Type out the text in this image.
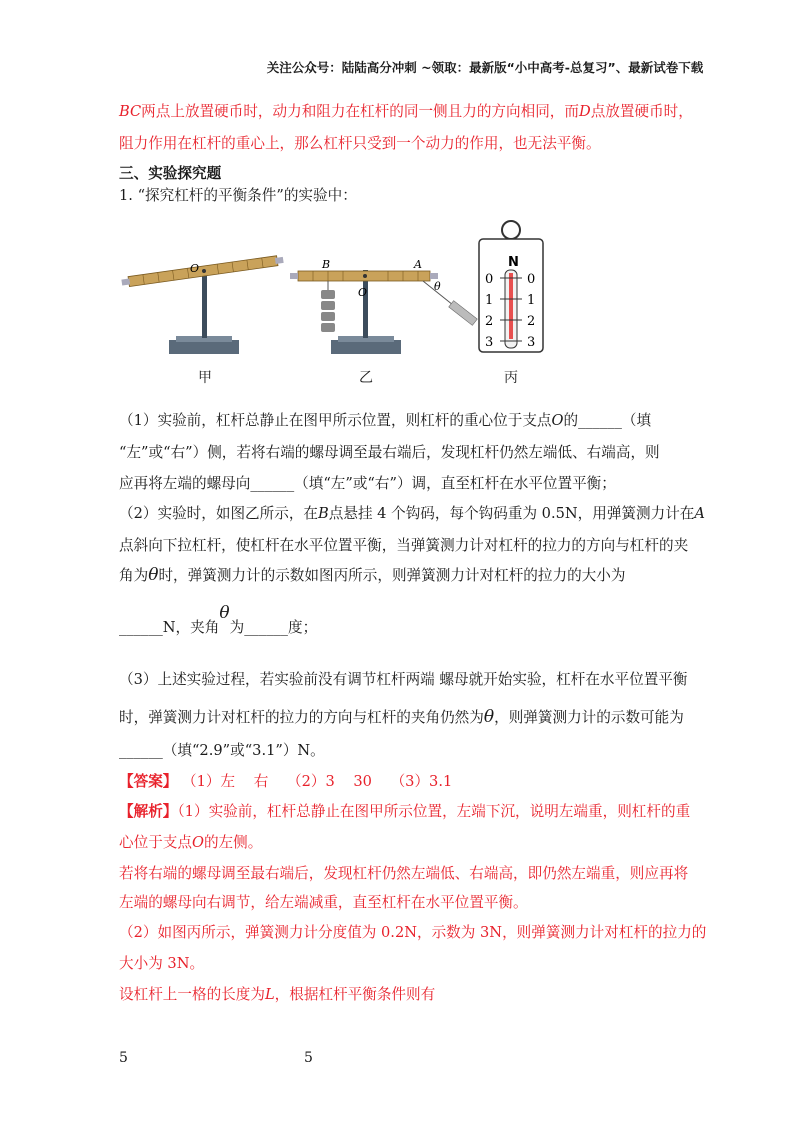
关注公众号：陆陆高分冲刺 ~领取：最新版“小中高考-总复习”、最新试卷下载
BC两点上放置硬币时，动力和阻力在杠杆的同一侧且力的方向相同，而D点放置硬币时，
阻力作用在杠杆的重心上，那么杠杆只受到一个动力的作用，也无法平衡。
三、实验探究题
1. “探究杠杆的平衡条件”的实验中：
O	B
O
A
θ
N
0
1
2
3
0
1
2
3
甲	乙	丙
（1）实验前，杠杆总静止在图甲所示位置，则杠杆的重心位于支点O的______（填
“左”或“右”）侧，若将右端的螺母调至最右端后，发现杠杆仍然左端低、右端高，则
应再将左端的螺母向______（填“左”或“右”）调，直至杠杆在水平位置平衡；
（2）实验时，如图乙所示，在B点悬挂 4 个钩码，每个钩码重为 0.5N，用弹簧测力计在A
点斜向下拉杠杆，使杠杆在水平位置平衡，当弹簧测力计对杠杆的拉力的方向与杠杆的夹
角为θ时，弹簧测力计的示数如图丙所示，则弹簧测力计对杠杆的拉力的大小为
______N，夹角θ为______度；
（3）上述实验过程，若实验前没有调节杠杆两端 螺母就开始实验，杠杆在水平位置平衡
时，弹簧测力计对杠杆的拉力的方向与杠杆的夹角仍然为θ，则弹簧测力计的示数可能为
______（填“2.9”或“3.1”）N。
【答案】 （1）左 右 （2）3 30 （3）3.1
【解析】（1）实验前，杠杆总静止在图甲所示位置，左端下沉，说明左端重，则杠杆的重
心位于支点O的左侧。
若将右端的螺母调至最右端后，发现杠杆仍然左端低、右端高，即仍然左端重，则应再将
左端的螺母向右调节，给左端减重，直至杠杆在水平位置平衡。
（2）如图丙所示，弹簧测力计分度值为 0.2N，示数为 3N，则弹簧测力计对杠杆的拉力的
大小为 3N。
设杠杆上一格的长度为L，根据杠杆平衡条件则有
5	5
